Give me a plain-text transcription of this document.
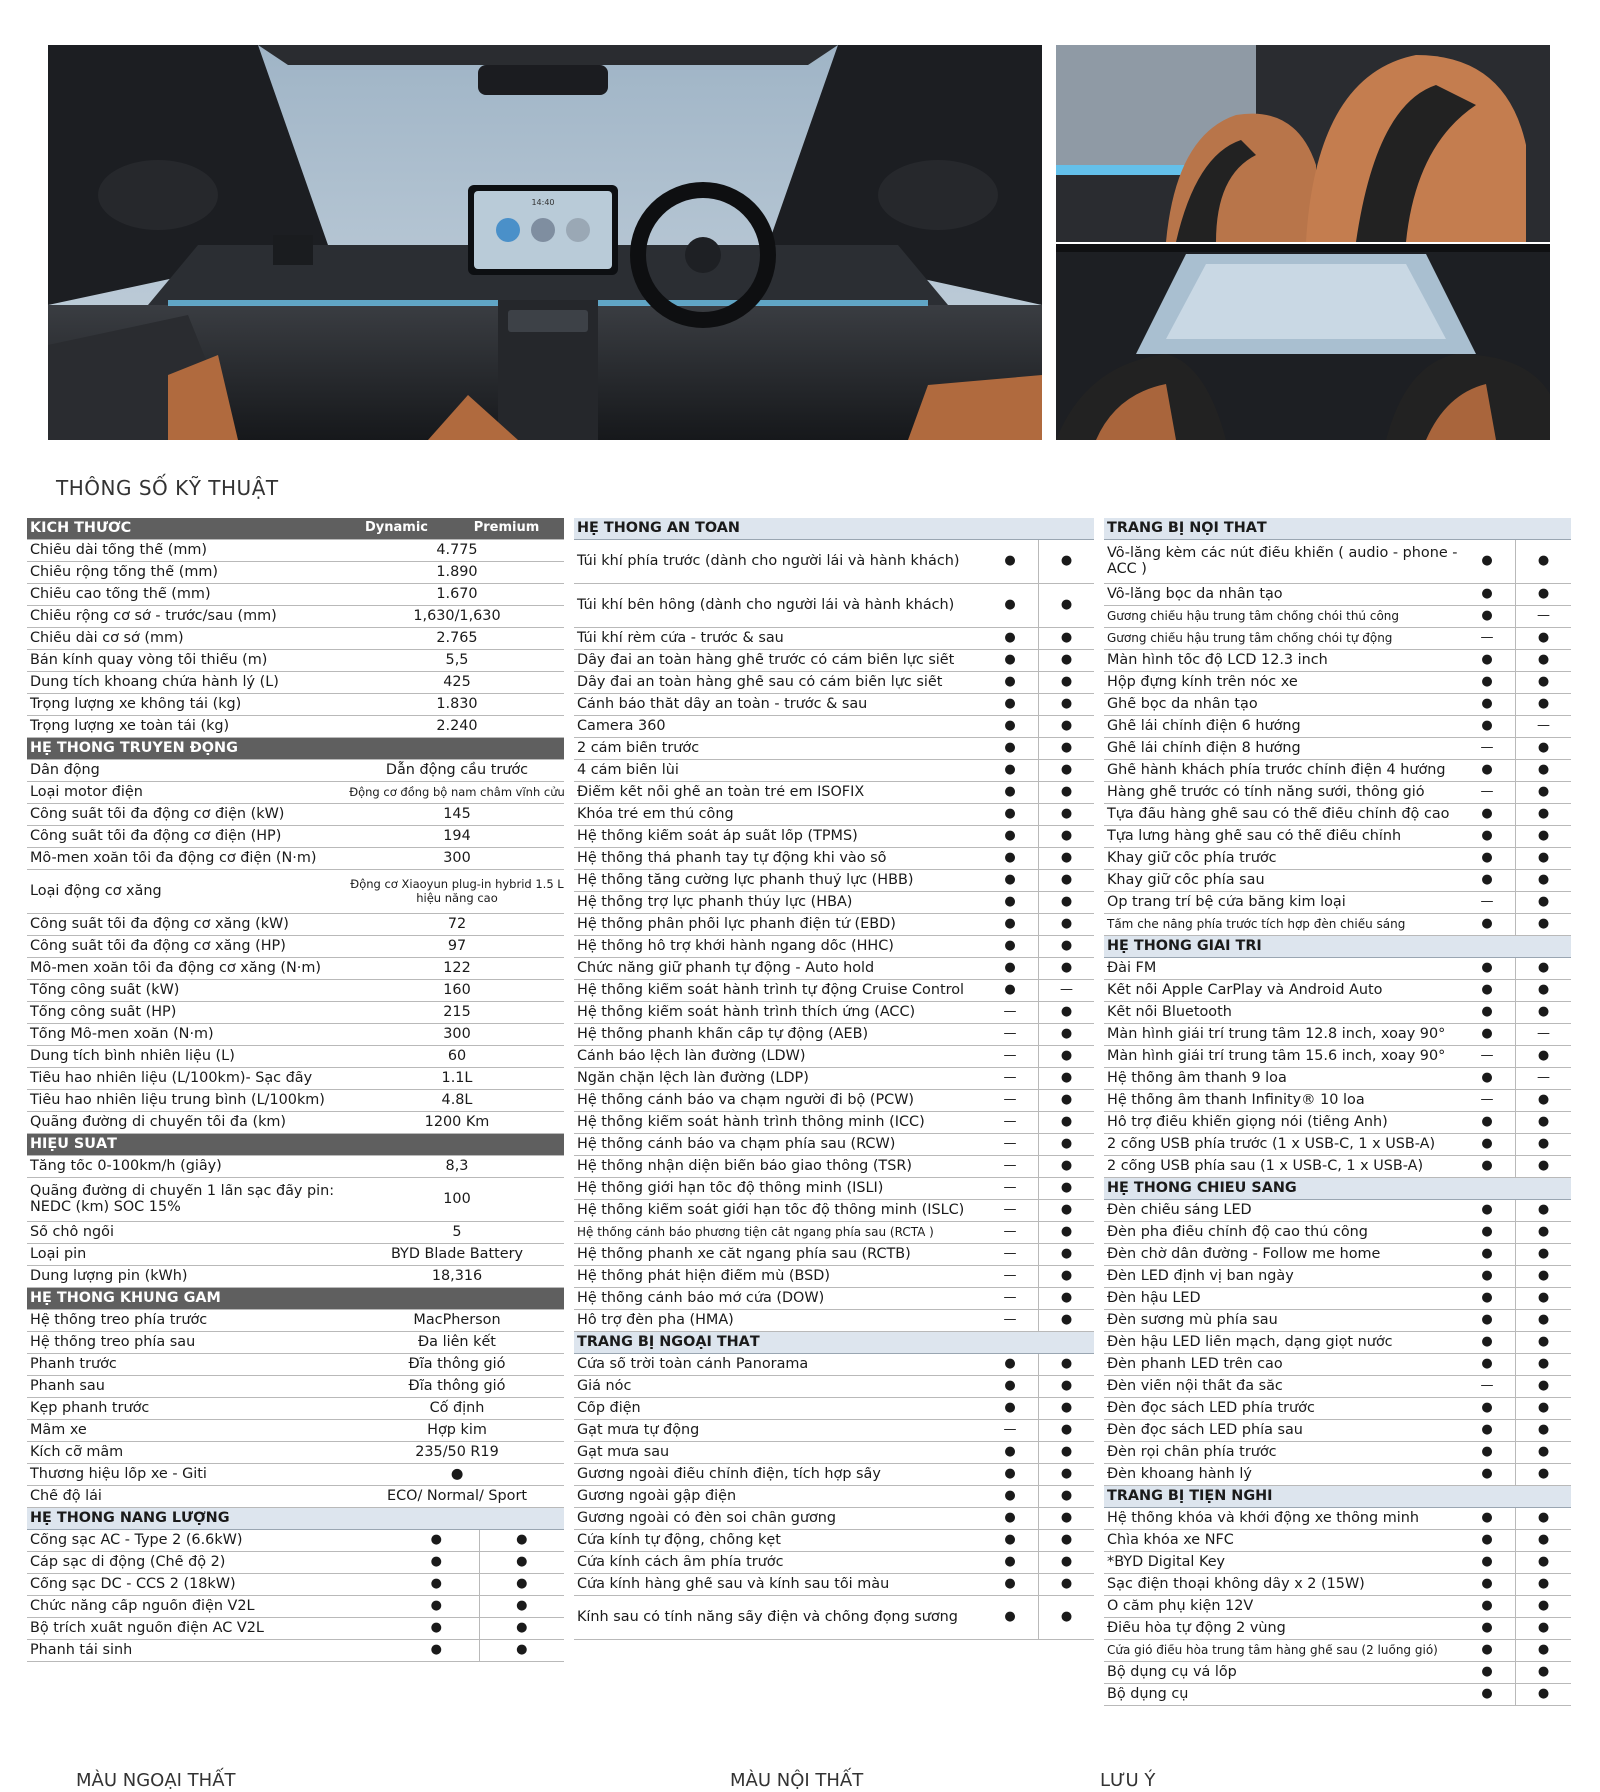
14:40
THÔNG SỐ KỸ THUẬT
KÍCH THƯỚC	Dynamic	Premium
Chiều dài tổng thể (mm)	4.775
Chiều rộng tổng thể (mm)	1.890
Chiều cao tổng thể (mm)	1.670
Chiều rộng cơ sở - trước/sau (mm)	1,630/1,630
Chiều dài cơ sở (mm)	2.765
Bán kính quay vòng tối thiểu (m)	5,5
Dung tích khoang chứa hành lý (L)	425
Trọng lượng xe không tải (kg)	1.830
Trọng lượng xe toàn tải (kg)	2.240
HỆ THỐNG TRUYỀN ĐỘNG
Dẫn động	Dẫn động cầu trước
Loại motor điện	Động cơ đồng bộ nam châm vĩnh cửu
Công suất tối đa động cơ điện (kW)	145
Công suất tối đa động cơ điện (HP)	194
Mô-men xoắn tối đa động cơ điện (N·m)	300
Loại động cơ xăng	Động cơ Xiaoyun plug-in hybrid 1.5 L hiệu năng cao
Công suất tối đa động cơ xăng (kW)	72
Công suất tối đa động cơ xăng (HP)	97
Mô-men xoắn tối đa động cơ xăng (N·m)	122
Tổng công suất (kW)	160
Tổng công suất (HP)	215
Tổng Mô-men xoắn (N·m)	300
Dung tích bình nhiên liệu (L)	60
Tiêu hao nhiên liệu (L/100km)- Sạc đầy	1.1L
Tiêu hao nhiên liệu trung bình (L/100km)	4.8L
Quãng đường di chuyển tối đa (km)	1200 Km
HIỆU SUẤT
Tăng tốc 0-100km/h (giây)	8,3
Quãng đường di chuyển 1 lần sạc đầy pin: NEDC (km) SOC 15%	100
Số chỗ ngồi	5
Loại pin	BYD Blade Battery
Dung lượng pin (kWh)	18,316
HỆ THỐNG KHUNG GẦM
Hệ thống treo phía trước	MacPherson
Hệ thống treo phía sau	Đa liên kết
Phanh trước	Đĩa thông gió
Phanh sau	Đĩa thông gió
Kẹp phanh trước	Cố định
Mâm xe	Hợp kim
Kích cỡ mâm	235/50 R19
Thương hiệu lốp xe - Giti	●
Chế độ lái	ECO/ Normal/ Sport
HỆ THỐNG NĂNG LƯỢNG
Cổng sạc AC - Type 2 (6.6kW)	●	●
Cáp sạc di động (Chế độ 2)	●	●
Cổng sạc DC - CCS 2 (18kW)	●	●
Chức năng cấp nguồn điện V2L	●	●
Bộ trích xuất nguồn điện AC V2L	●	●
Phanh tái sinh	●	●
HỆ THỐNG AN TOÀN
Túi khí phía trước (dành cho người lái và hành khách)	●	●
Túi khí bên hông (dành cho người lái và hành khách)	●	●
Túi khí rèm cửa - trước & sau	●	●
Dây đai an toàn hàng ghế trước có cảm biến lực siết	●	●
Dây đai an toàn hàng ghế sau có cảm biến lực siết	●	●
Cảnh báo thắt dây an toàn - trước & sau	●	●
Camera 360	●	●
2 cảm biến trước	●	●
4 cảm biến lùi	●	●
Điểm kết nối ghế an toàn trẻ em ISOFIX	●	●
Khóa trẻ em thủ công	●	●
Hệ thống kiểm soát áp suất lốp (TPMS)	●	●
Hệ thống thả phanh tay tự động khi vào số	●	●
Hệ thống tăng cường lực phanh thuỷ lực (HBB)	●	●
Hệ thống trợ lực phanh thủy lực (HBA)	●	●
Hệ thống phân phối lực phanh điện tử (EBD)	●	●
Hệ thống hỗ trợ khởi hành ngang dốc (HHC)	●	●
Chức năng giữ phanh tự động - Auto hold	●	●
Hệ thống kiểm soát hành trình tự động Cruise Control	●	—
Hệ thống kiểm soát hành trình thích ứng (ACC)	—	●
Hệ thống phanh khẩn cấp tự động (AEB)	—	●
Cảnh báo lệch làn đường (LDW)	—	●
Ngăn chặn lệch làn đường (LDP)	—	●
Hệ thống cảnh báo va chạm người đi bộ (PCW)	—	●
Hệ thống kiểm soát hành trình thông minh (ICC)	—	●
Hệ thống cảnh báo va chạm phía sau (RCW)	—	●
Hệ thống nhận diện biển báo giao thông (TSR)	—	●
Hệ thống giới hạn tốc độ thông minh (ISLI)	—	●
Hệ thống kiểm soát giới hạn tốc độ thông minh (ISLC)	—	●
Hệ thống cảnh báo phương tiện cắt ngang phía sau (RCTA )	—	●
Hệ thống phanh xe cắt ngang phía sau (RCTB)	—	●
Hệ thống phát hiện điểm mù (BSD)	—	●
Hệ thống cảnh báo mở cửa (DOW)	—	●
Hỗ trợ đèn pha (HMA)	—	●
TRANG BỊ NGOẠI THẤT
Cửa sổ trời toàn cảnh Panorama	●	●
Giá nóc	●	●
Cốp điện	●	●
Gạt mưa tự động	—	●
Gạt mưa sau	●	●
Gương ngoài điều chỉnh điện, tích hợp sấy	●	●
Gương ngoài gập điện	●	●
Gương ngoài có đèn soi chân gương	●	●
Cửa kính tự động, chống kẹt	●	●
Cửa kính cách âm phía trước	●	●
Cửa kính hàng ghế sau và kính sau tối màu	●	●
Kính sau có tính năng sấy điện và chống đọng sương	●	●
TRANG BỊ NỘI THẤT
Vô-lăng kèm các nút điều khiển ( audio - phone - ACC )	●	●
Vô-lăng bọc da nhân tạo	●	●
Gương chiếu hậu trung tâm chống chói thủ công	●	—
Gương chiếu hậu trung tâm chống chói tự động	—	●
Màn hình tốc độ LCD 12.3 inch	●	●
Hộp đựng kính trên nóc xe	●	●
Ghế bọc da nhân tạo	●	●
Ghế lái chỉnh điện 6 hướng	●	—
Ghế lái chỉnh điện 8 hướng	—	●
Ghế hành khách phía trước chỉnh điện 4 hướng	●	●
Hàng ghế trước có tính năng sưởi, thông gió	—	●
Tựa đầu hàng ghế sau có thể điều chỉnh độ cao	●	●
Tựa lưng hàng ghế sau có thể điều chỉnh	●	●
Khay giữ cốc phía trước	●	●
Khay giữ cốc phía sau	●	●
Ốp trang trí bệ cửa bằng kim loại	—	●
Tấm che nắng phía trước tích hợp đèn chiếu sáng	●	●
HỆ THỐNG GIẢI TRÍ
Đài FM	●	●
Kết nối Apple CarPlay và Android Auto	●	●
Kết nối Bluetooth	●	●
Màn hình giải trí trung tâm 12.8 inch, xoay 90°	●	—
Màn hình giải trí trung tâm 15.6 inch, xoay 90°	—	●
Hệ thống âm thanh 9 loa	●	—
Hệ thống âm thanh Infinity® 10 loa	—	●
Hỗ trợ điều khiển giọng nói (tiếng Anh)	●	●
2 cổng USB phía trước (1 x USB-C, 1 x USB-A)	●	●
2 cổng USB phía sau (1 x USB-C, 1 x USB-A)	●	●
HỆ THỐNG CHIẾU SÁNG
Đèn chiếu sáng LED	●	●
Đèn pha điều chỉnh độ cao thủ công	●	●
Đèn chờ dẫn đường - Follow me home	●	●
Đèn LED định vị ban ngày	●	●
Đèn hậu LED	●	●
Đèn sương mù phía sau	●	●
Đèn hậu LED liền mạch, dạng giọt nước	●	●
Đèn phanh LED trên cao	●	●
Đèn viền nội thất đa sắc	—	●
Đèn đọc sách LED phía trước	●	●
Đèn đọc sách LED phía sau	●	●
Đèn rọi chân phía trước	●	●
Đèn khoang hành lý	●	●
TRANG BỊ TIỆN NGHI
Hệ thống khóa và khởi động xe thông minh	●	●
Chìa khóa xe NFC	●	●
*BYD Digital Key	●	●
Sạc điện thoại không dây x 2 (15W)	●	●
Ổ cắm phụ kiện 12V	●	●
Điều hòa tự động 2 vùng	●	●
Cửa gió điều hòa trung tâm hàng ghế sau (2 luồng gió)	●	●
Bộ dụng cụ vá lốp	●	●
Bộ dụng cụ	●	●
MÀU NGOẠI THẤT	MÀU NỘI THẤT	LƯU Ý
